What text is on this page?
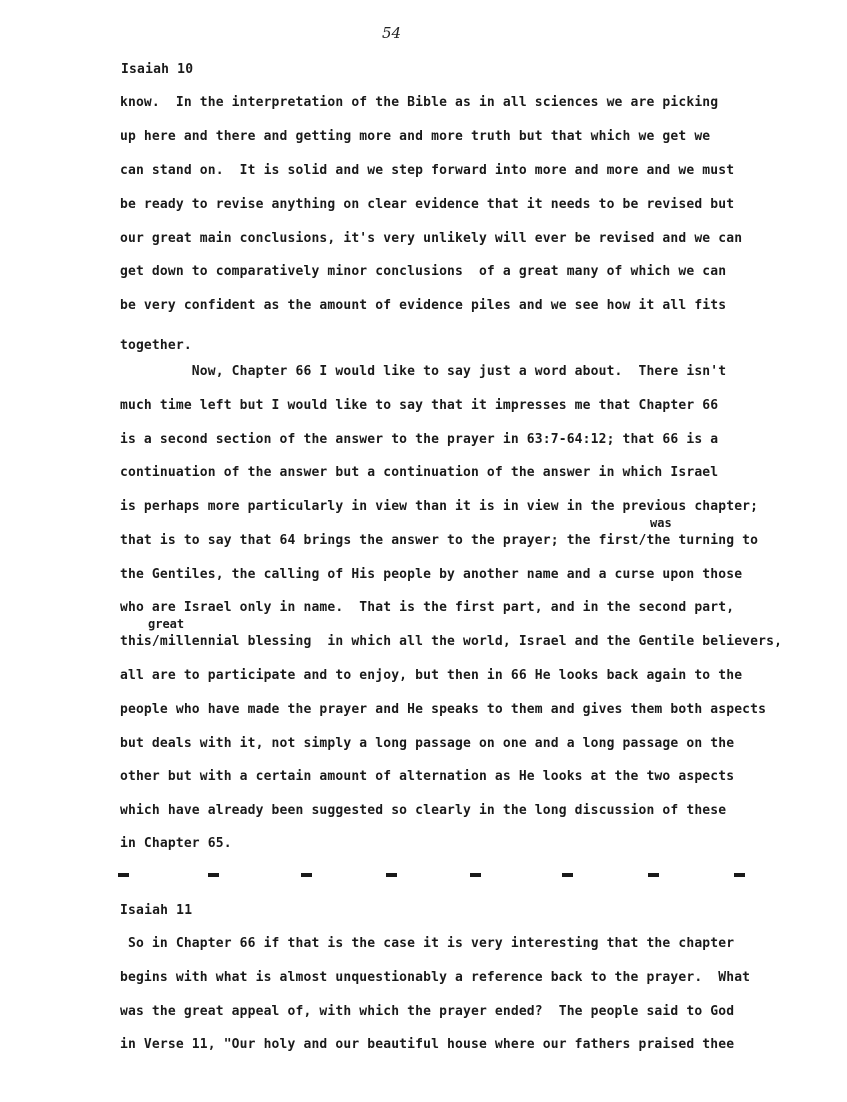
54
Isaiah 10
know.  In the interpretation of the Bible as in all sciences we are picking
up here and there and getting more and more truth but that which we get we
can stand on.  It is solid and we step forward into more and more and we must
be ready to revise anything on clear evidence that it needs to be revised but
our great main conclusions, it's very unlikely will ever be revised and we can
get down to comparatively minor conclusions  of a great many of which we can
be very confident as the amount of evidence piles and we see how it all fits
together.
Now, Chapter 66 I would like to say just a word about.  There isn't
much time left but I would like to say that it impresses me that Chapter 66
is a second section of the answer to the prayer in 63:7-64:12; that 66 is a
continuation of the answer but a continuation of the answer in which Israel
is perhaps more particularly in view than it is in view in the previous chapter;
was
that is to say that 64 brings the answer to the prayer; the first/the turning to
the Gentiles, the calling of His people by another name and a curse upon those
who are Israel only in name.  That is the first part, and in the second part,
great
this/millennial blessing  in which all the world, Israel and the Gentile believers,
all are to participate and to enjoy, but then in 66 He looks back again to the
people who have made the prayer and He speaks to them and gives them both aspects
but deals with it, not simply a long passage on one and a long passage on the
other but with a certain amount of alternation as He looks at the two aspects
which have already been suggested so clearly in the long discussion of these
in Chapter 65.
Isaiah 11
So in Chapter 66 if that is the case it is very interesting that the chapter
begins with what is almost unquestionably a reference back to the prayer.  What
was the great appeal of, with which the prayer ended?  The people said to God
in Verse 11, "Our holy and our beautiful house where our fathers praised thee
